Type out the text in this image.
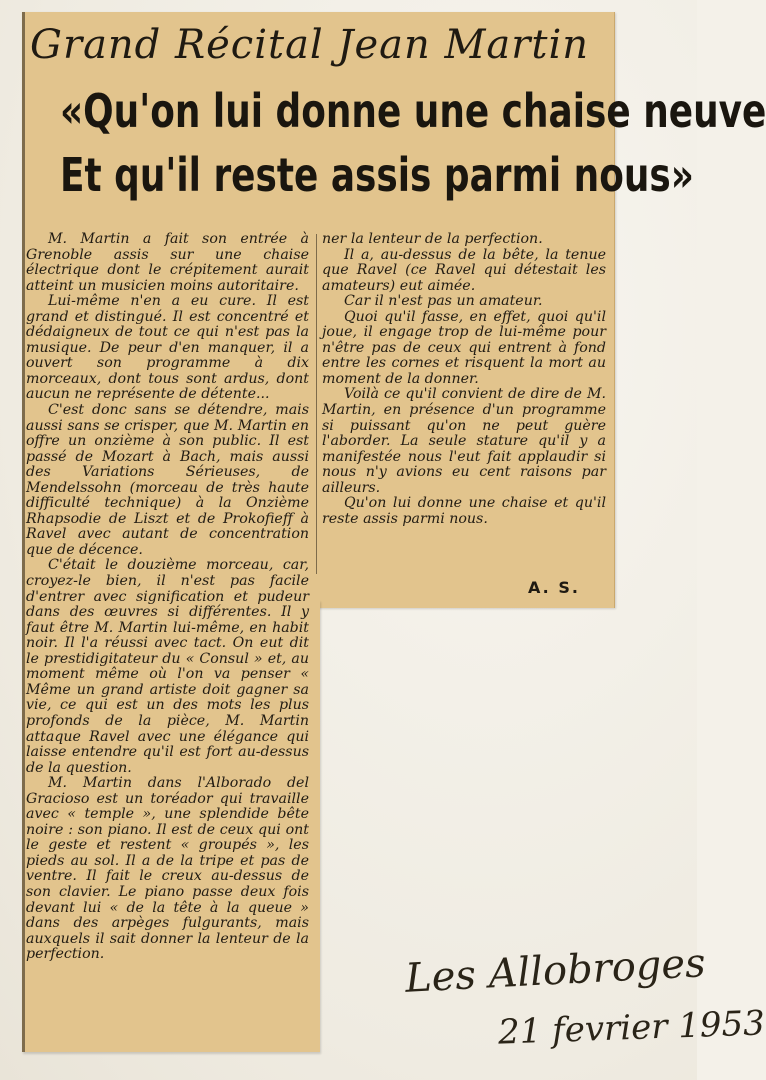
Grand Récital Jean Martin
«Qu'on lui donne une chaise neuve
Et qu'il reste assis parmi nous»

M. Martin a fait son entrée à Grenoble assis sur une chaise électrique dont le crépitement aurait atteint un musicien moins autoritaire.

Lui-même n'en a eu cure. Il est grand et distingué. Il est concentré et dédaigneux de tout ce qui n'est pas la musique. De peur d'en manquer, il a ouvert son programme à dix morceaux, dont tous sont ardus, dont aucun ne représente de détente...

C'est donc sans se détendre, mais aussi sans se crisper, que M. Martin en offre un onzième à son public. Il est passé de Mozart à Bach, mais aussi des Variations Sérieuses, de Mendelssohn (morceau de très haute difficulté technique) à la Onzième Rhapsodie de Liszt et de Prokofieff à Ravel avec autant de concentration que de décence.

C'était le douzième morceau, car, croyez-le bien, il n'est pas facile d'entrer avec signification et pudeur dans des œuvres si différentes. Il y faut être M. Martin lui-même, en habit noir. Il l'a réussi avec tact. On eut dit le prestidigitateur du « Consul » et, au moment même où l'on va penser « Même un grand artiste doit gagner sa vie, ce qui est un des mots les plus profonds de la pièce, M. Martin attaque Ravel avec une élégance qui laisse entendre qu'il est fort au-dessus de la question.

M. Martin dans l'Alborado del Gracioso est un toréador qui travaille avec « temple », une splendide bête noire : son piano. Il est de ceux qui ont le geste et restent « groupés », les pieds au sol. Il a de la tripe et pas de ventre. Il fait le creux au-dessus de son clavier. Le piano passe deux fois devant lui « de la tête à la queue » dans des arpèges fulgurants, mais auxquels il sait donner la lenteur de la perfection.

ner la lenteur de la perfection.

Il a, au-dessus de la bête, la tenue que Ravel (ce Ravel qui détestait les amateurs) eut aimée.

Car il n'est pas un amateur.

Quoi qu'il fasse, en effet, quoi qu'il joue, il engage trop de lui-même pour n'être pas de ceux qui entrent à fond entre les cornes et risquent la mort au moment de la donner.

Voilà ce qu'il convient de dire de M. Martin, en présence d'un programme si puissant qu'on ne peut guère l'aborder. La seule stature qu'il y a manifestée nous l'eut fait applaudir si nous n'y avions eu cent raisons par ailleurs.

Qu'on lui donne une chaise et qu'il reste assis parmi nous.

A. S.
Les Allobroges
21 fevrier 1953
